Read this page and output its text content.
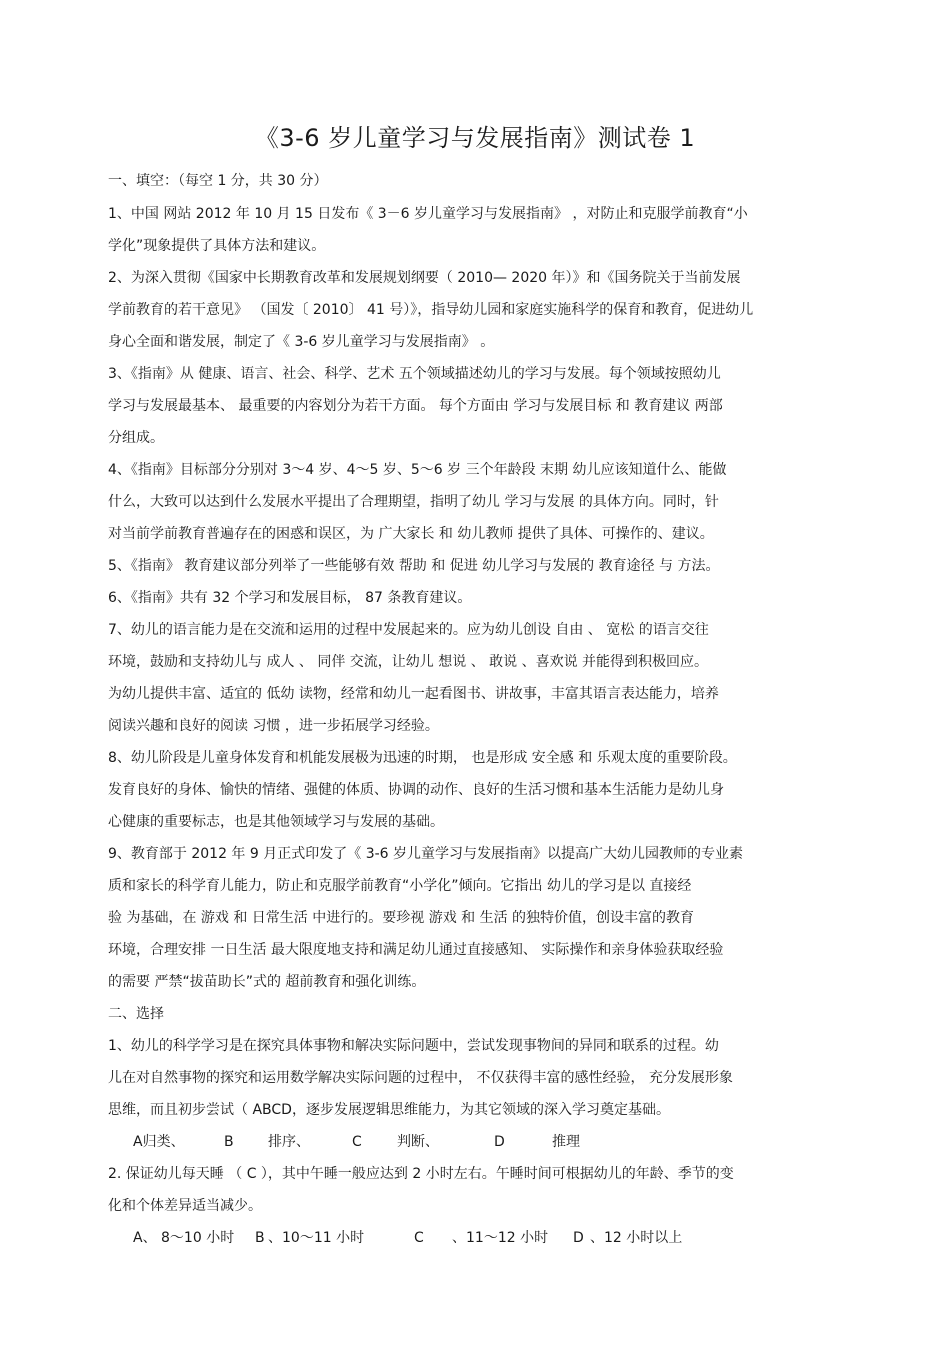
《3-6 岁儿童学习与发展指南》测试卷 1
一、填空：（每空 1 分，共 30 分）
1、中国 网站 2012 年 10 月 15 日发布《 3－6 岁儿童学习与发展指南》 ，对防止和克服学前教育“小
学化”现象提供了具体方法和建议。
2、为深入贯彻《国家中长期教育改革和发展规划纲要（ 2010— 2020 年）》和《国务院关于当前发展
学前教育的若干意见》 （国发〔 2010〕 41 号）》，指导幼儿园和家庭实施科学的保育和教育，促进幼儿
身心全面和谐发展，制定了《 3-6 岁儿童学习与发展指南》 。
3、《指南》从 健康、语言、社会、科学、艺术 五个领域描述幼儿的学习与发展。每个领域按照幼儿
学习与发展最基本、 最重要的内容划分为若干方面。 每个方面由 学习与发展目标 和 教育建议 两部
分组成。
4、《指南》目标部分分别对 3～4 岁、4～5 岁、5～6 岁 三个年龄段 末期 幼儿应该知道什么、能做
什么，大致可以达到什么发展水平提出了合理期望，指明了幼儿 学习与发展 的具体方向。同时，针
对当前学前教育普遍存在的困惑和误区，为 广大家长 和 幼儿教师 提供了具体、可操作的、建议。
5、《指南》 教育建议部分列举了一些能够有效 帮助 和 促进 幼儿学习与发展的 教育途径 与 方法。
6、《指南》共有 32 个学习和发展目标， 87 条教育建议。
7、幼儿的语言能力是在交流和运用的过程中发展起来的。应为幼儿创设 自由 、 宽松 的语言交往
环境，鼓励和支持幼儿与 成人 、 同伴 交流，让幼儿 想说 、 敢说 、喜欢说 并能得到积极回应。
为幼儿提供丰富、适宜的 低幼 读物，经常和幼儿一起看图书、讲故事，丰富其语言表达能力，培养
阅读兴趣和良好的阅读 习惯 ，进一步拓展学习经验。
8、幼儿阶段是儿童身体发育和机能发展极为迅速的时期， 也是形成 安全感 和 乐观太度的重要阶段。
发育良好的身体、愉快的情绪、强健的体质、协调的动作、良好的生活习惯和基本生活能力是幼儿身
心健康的重要标志，也是其他领域学习与发展的基础。
9、教育部于 2012 年 9 月正式印发了《 3-6 岁儿童学习与发展指南》以提高广大幼儿园教师的专业素
质和家长的科学育儿能力，防止和克服学前教育“小学化”倾向。它指出 幼儿的学习是以 直接经
验 为基础，在 游戏 和 日常生活 中进行的。要珍视 游戏 和 生活 的独特价值，创设丰富的教育
环境，合理安排 一日生活 最大限度地支持和满足幼儿通过直接感知、 实际操作和亲身体验获取经验
的需要 严禁“拔苗助长”式的 超前教育和强化训练。
二、选择
1、幼儿的科学学习是在探究具体事物和解决实际问题中，尝试发现事物间的异同和联系的过程。幼
儿在对自然事物的探究和运用数学解决实际问题的过程中， 不仅获得丰富的感性经验， 充分发展形象
思维，而且初步尝试（ ABCD，逐步发展逻辑思维能力，为其它领域的深入学习奠定基础。
A归类、	B 排序、	C	判断、	D	推理
2. 保证幼儿每天睡 （ C ），其中午睡一般应达到 2 小时左右。午睡时间可根据幼儿的年龄、季节的变
化和个体差异适当减少。
A、 8～10 小时 B 、10～11 小时	C 、11～12 小时 D 、12 小时以上
